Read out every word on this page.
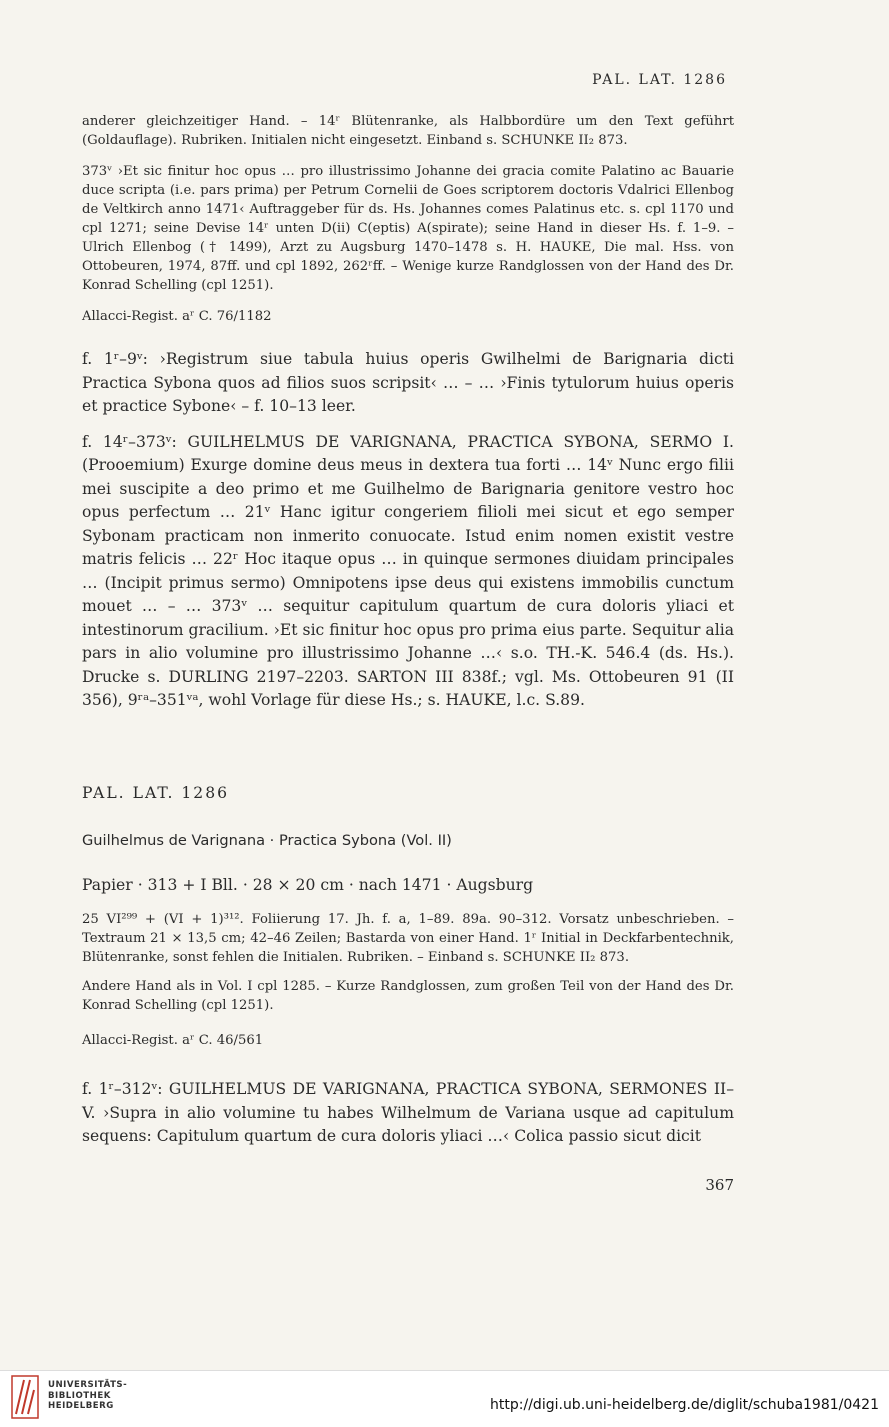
PAL. LAT. 1286

anderer gleichzeitiger Hand. – 14ʳ Blütenranke, als Halbbordüre um den Text geführt (Goldauflage). Rubriken. Initialen nicht eingesetzt. Einband s. SCHUNKE II₂ 873.

373ᵛ ›Et sic finitur hoc opus … pro illustrissimo Johanne dei gracia comite Palatino ac Bauarie duce scripta (i.e. pars prima) per Petrum Cornelii de Goes scriptorem doctoris Vdalrici Ellenbog de Veltkirch anno 1471‹ Auftraggeber für ds. Hs. Johannes comes Palatinus etc. s. cpl 1170 und cpl 1271; seine Devise 14ʳ unten D(ii) C(eptis) A(spirate); seine Hand in dieser Hs. f. 1–9. – Ulrich Ellenbog († 1499), Arzt zu Augsburg 1470–1478 s. H. HAUKE, Die mal. Hss. von Ottobeuren, 1974, 87ff. und cpl 1892, 262ʳff. – Wenige kurze Randglossen von der Hand des Dr. Konrad Schelling (cpl 1251).

Allacci-Regist. aʳ C. 76/1182

f. 1ʳ–9ᵛ: ›Registrum siue tabula huius operis Gwilhelmi de Barignaria dicti Practica Sybona quos ad filios suos scripsit‹ … – … ›Finis tytulorum huius operis et practice Sybone‹ – f. 10–13 leer.

f. 14ʳ–373ᵛ: GUILHELMUS DE VARIGNANA, PRACTICA SYBONA, SERMO I. (Prooemium) Exurge domine deus meus in dextera tua forti … 14ᵛ Nunc ergo filii mei suscipite a deo primo et me Guilhelmo de Barignaria genitore vestro hoc opus perfectum … 21ᵛ Hanc igitur congeriem filioli mei sicut et ego semper Sybonam practicam non inmerito conuocate. Istud enim nomen existit vestre matris felicis … 22ʳ Hoc itaque opus … in quinque sermones diuidam principales … (Incipit primus sermo) Omnipotens ipse deus qui existens immobilis cunctum mouet … – … 373ᵛ … sequitur capitulum quartum de cura doloris yliaci et intestinorum gracilium. ›Et sic finitur hoc opus pro prima eius parte. Sequitur alia pars in alio volumine pro illustrissimo Johanne …‹ s.o. TH.-K. 546.4 (ds. Hs.). Drucke s. DURLING 2197–2203. SARTON III 838f.; vgl. Ms. Ottobeuren 91 (II 356), 9ʳᵃ–351ᵛᵃ, wohl Vorlage für diese Hs.; s. HAUKE, l.c. S.89.

PAL. LAT. 1286
Guilhelmus de Varignana · Practica Sybona (Vol. II)
Papier · 313 + I Bll. · 28 × 20 cm · nach 1471 · Augsburg

25 VI²⁹⁹ + (VI + 1)³¹². Foliierung 17. Jh. f. a, 1–89. 89a. 90–312. Vorsatz unbeschrieben. – Textraum 21 × 13,5 cm; 42–46 Zeilen; Bastarda von einer Hand. 1ʳ Initial in Deckfarbentechnik, Blütenranke, sonst fehlen die Initialen. Rubriken. – Einband s. SCHUNKE II₂ 873.

Andere Hand als in Vol. I cpl 1285. – Kurze Randglossen, zum großen Teil von der Hand des Dr. Konrad Schelling (cpl 1251).

Allacci-Regist. aʳ C. 46/561

f. 1ʳ–312ᵛ: GUILHELMUS DE VARIGNANA, PRACTICA SYBONA, SERMONES II–V. ›Supra in alio volumine tu habes Wilhelmum de Variana usque ad capitulum sequens: Capitulum quartum de cura doloris yliaci …‹ Colica passio sicut dicit

367
UNIVERSITÄTS-
BIBLIOTHEK
HEIDELBERG	http://digi.ub.uni-heidelberg.de/diglit/schuba1981/0421
